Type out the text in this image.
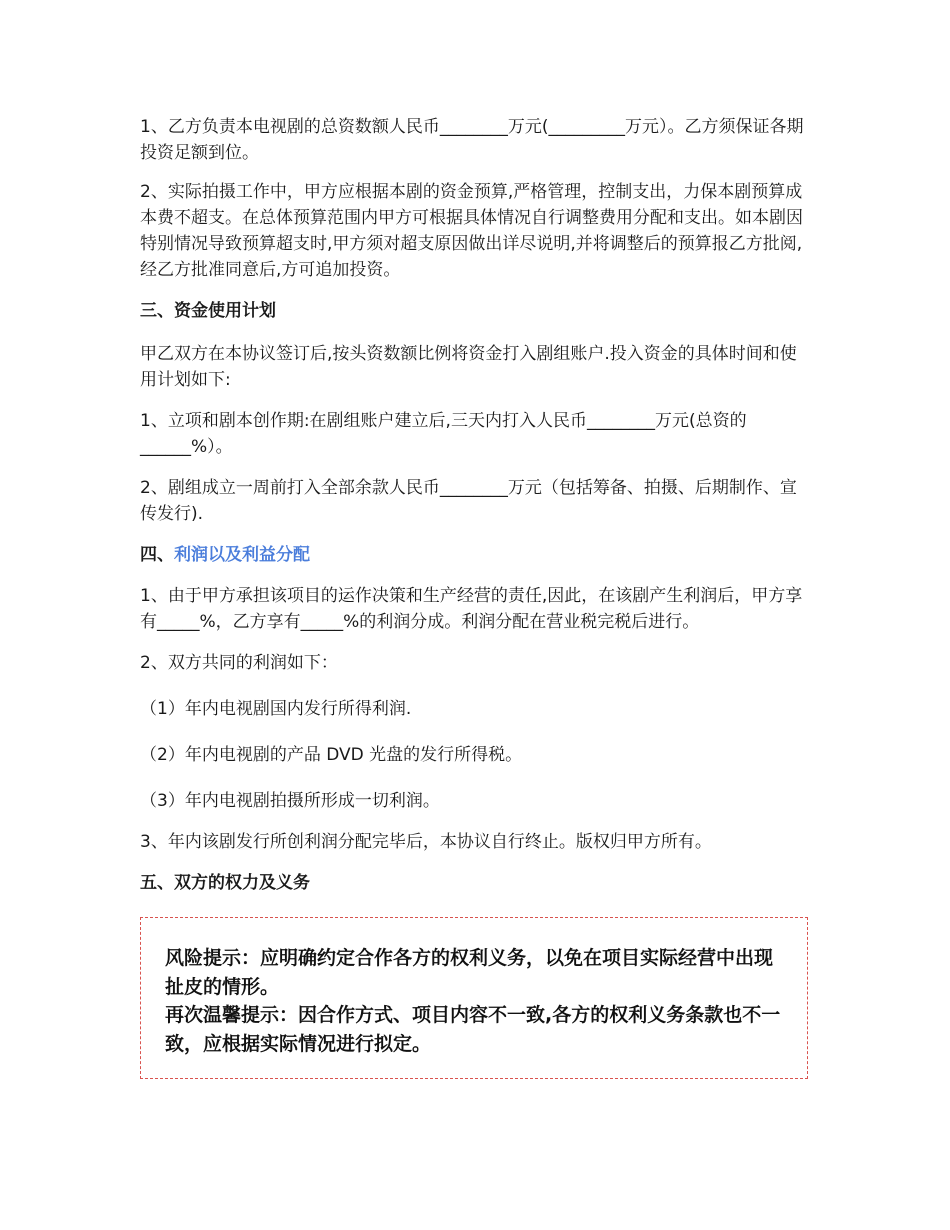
1、乙方负责本电视剧的总资数额人民币________万元(_________万元）。乙方须保证各期投资足额到位。

2、实际拍摄工作中，甲方应根据本剧的资金预算,严格管理，控制支出，力保本剧预算成本费不超支。在总体预算范围内甲方可根据具体情况自行调整费用分配和支出。如本剧因特别情况导致预算超支时,甲方须对超支原因做出详尽说明,并将调整后的预算报乙方批阅,经乙方批准同意后,方可追加投资。

三、资金使用计划

甲乙双方在本协议签订后,按头资数额比例将资金打入剧组账户.投入资金的具体时间和使用计划如下:

1、立项和剧本创作期:在剧组账户建立后,三天内打入人民币________万元(总资的______%）。

2、剧组成立一周前打入全部余款人民币________万元（包括筹备、拍摄、后期制作、宣传发行).

四、利润以及利益分配

1、由于甲方承担该项目的运作决策和生产经营的责任,因此，在该剧产生利润后，甲方享有_____%，乙方享有_____%的利润分成。利润分配在营业税完税后进行。

2、双方共同的利润如下：

（1）年内电视剧国内发行所得利润.

（2）年内电视剧的产品 DVD 光盘的发行所得税。

（3）年内电视剧拍摄所形成一切利润。

3、年内该剧发行所创利润分配完毕后，本协议自行终止。版权归甲方所有。

五、双方的权力及义务

风险提示：应明确约定合作各方的权利义务，以免在项目实际经营中出现扯皮的情形。

再次温馨提示：因合作方式、项目内容不一致,各方的权利义务条款也不一致，应根据实际情况进行拟定。
